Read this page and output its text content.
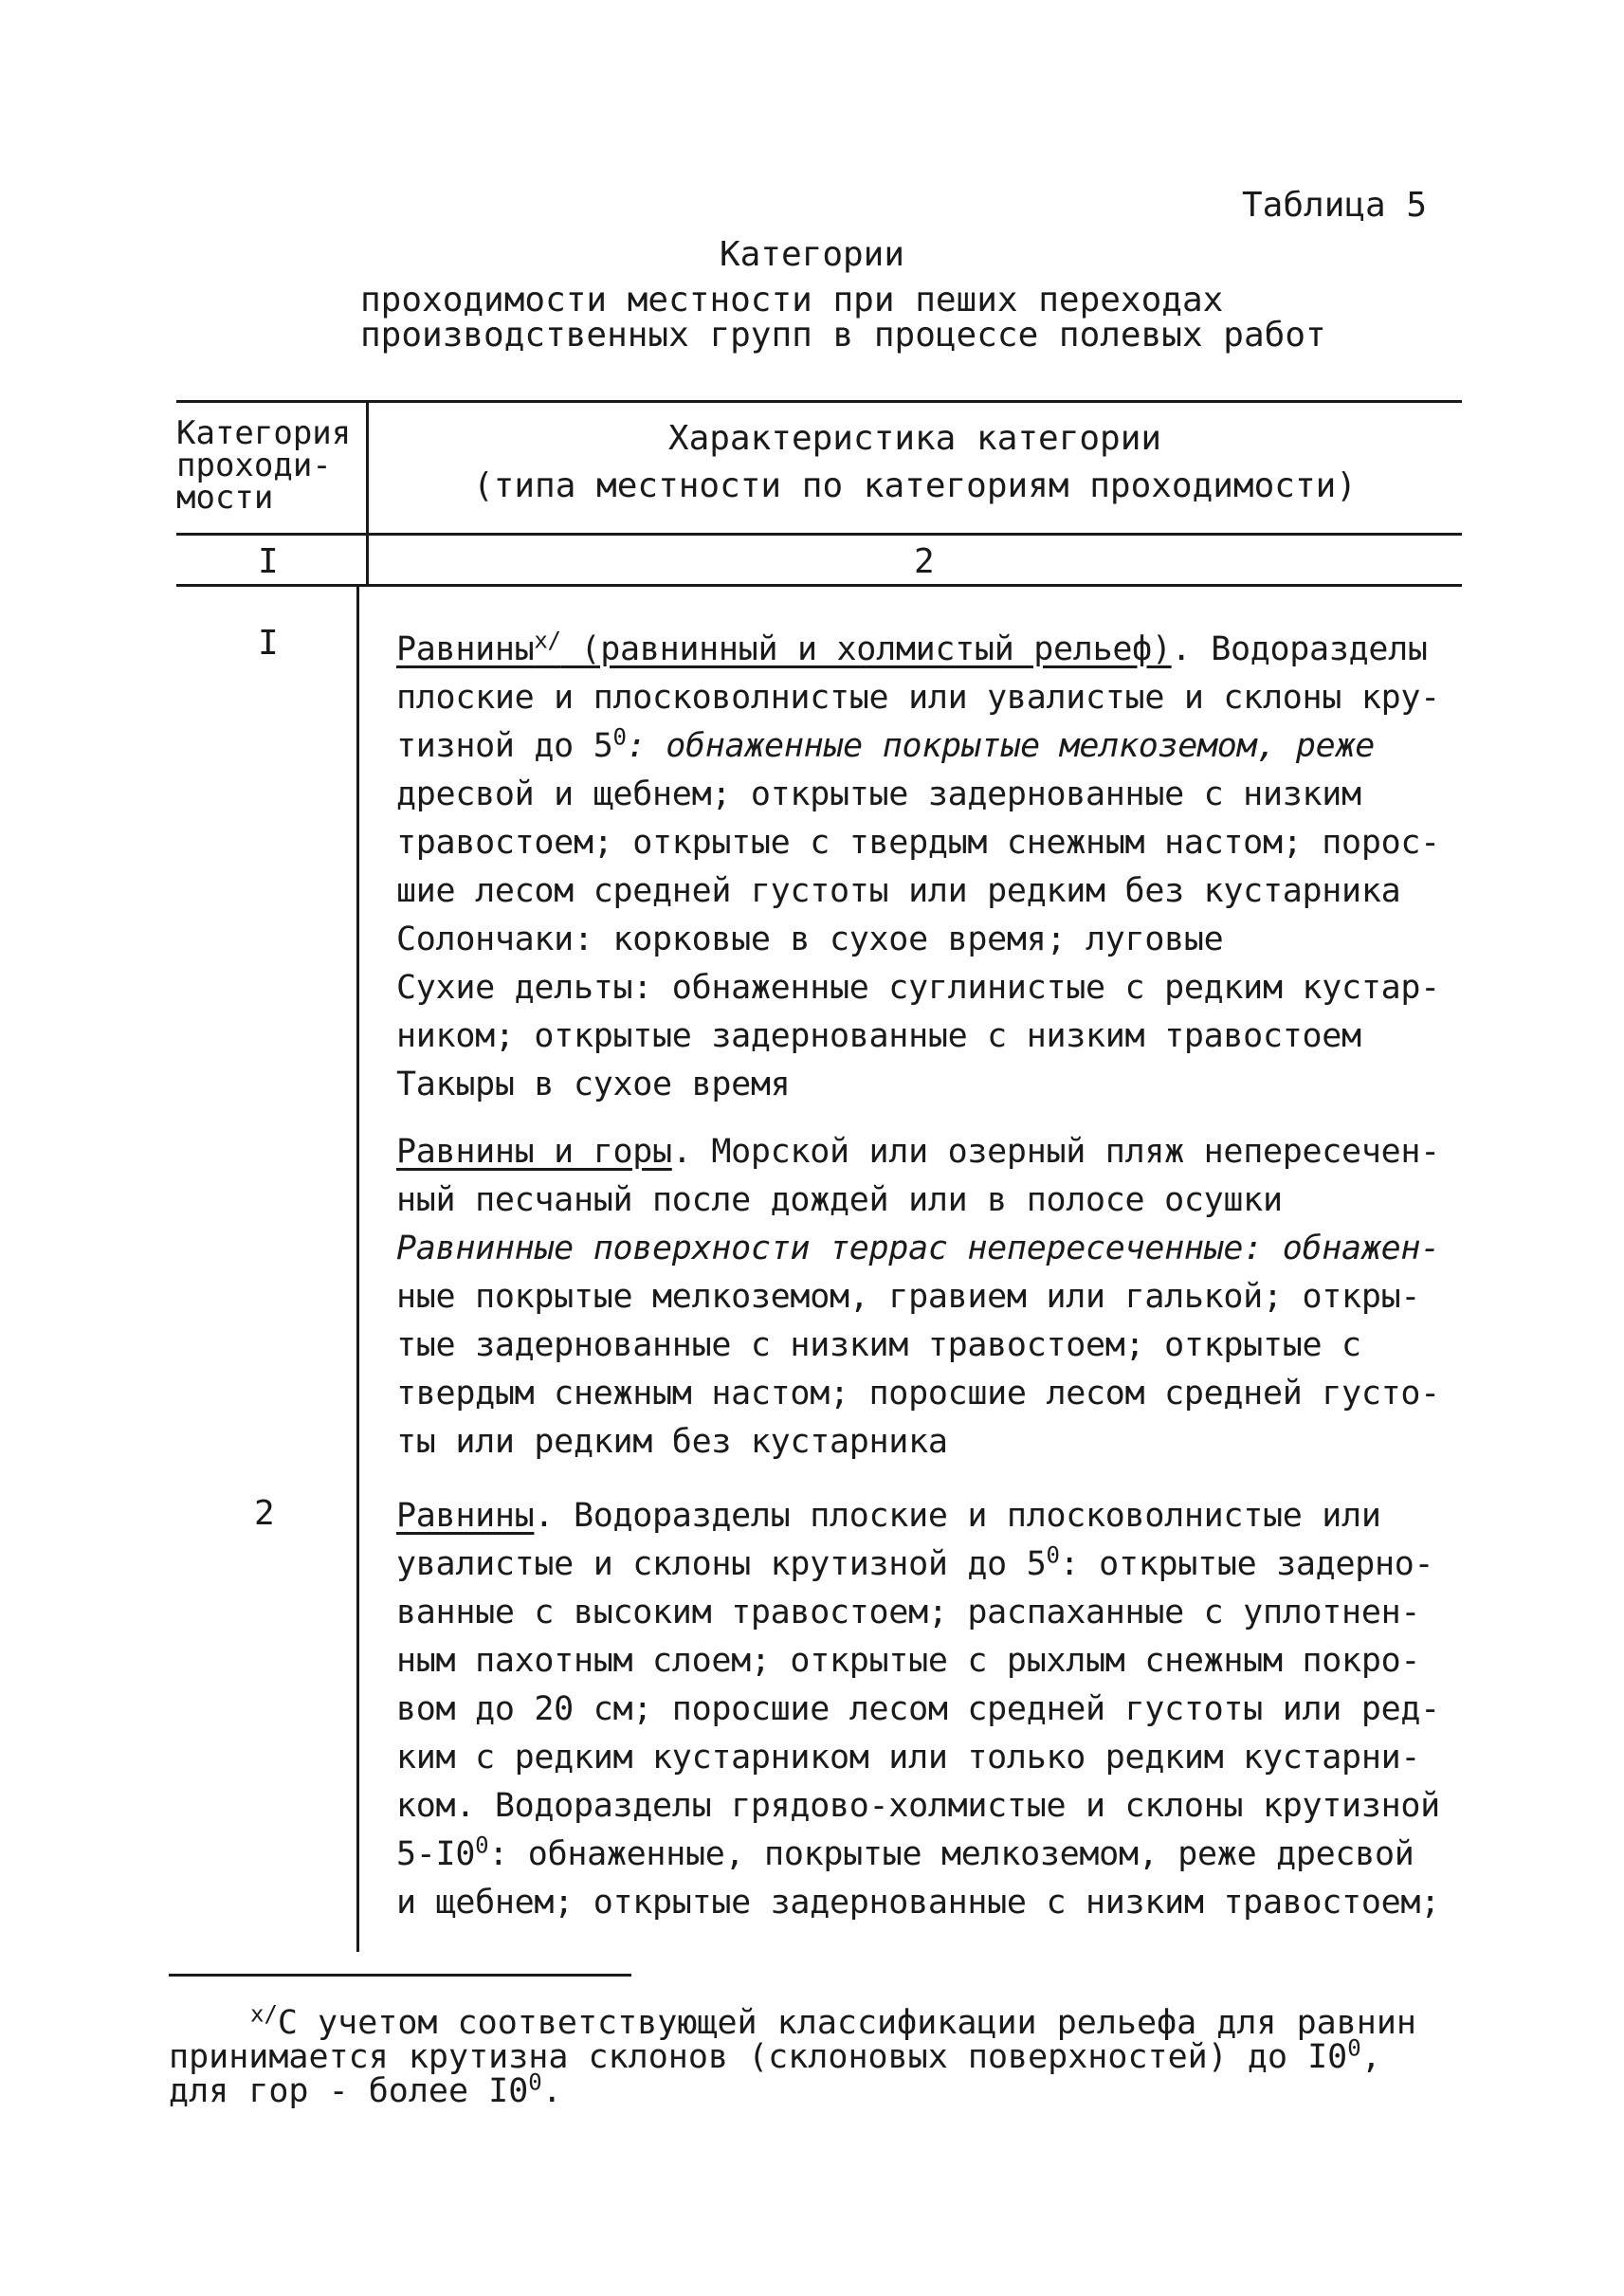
Таблица 5
Категории
проходимости местности при пеших переходах
производственных групп в процессе полевых работ
Категория
проходи-
мости
Характеристика категории
(типа местности по категориям проходимости)
I	2
I
2

Равнины$^{x/}$ (равнинный и холмистый рельеф). Водоразделы

плоские и плосковолнистые или увалистые и склоны кру-

тизной до $5^0$: обнаженные покрытые мелкоземом, реже

дресвой и щебнем; открытые задернованные с низким

травостоем; открытые с твердым снежным настом; порос-

шие лесом средней густоты или редким без кустарника

Солончаки: корковые в сухое время; луговые

Сухие дельты: обнаженные суглинистые с редким кустар-

ником; открытые задернованные с низким травостоем

Такыры в сухое время

Равнины и горы. Морской или озерный пляж непересечен-

ный песчаный после дождей или в полосе осушки

Равнинные поверхности террас непересеченные: обнажен-

ные покрытые мелкоземом, гравием или галькой; откры-

тые задернованные с низким травостоем; открытые с

твердым снежным настом; поросшие лесом средней густо-

ты или редким без кустарника

Равнины. Водоразделы плоские и плосковолнистые или

увалистые и склоны крутизной до $5^0$: открытые задерно-

ванные с высоким травостоем; распаханные с уплотнен-

ным пахотным слоем; открытые с рыхлым снежным покро-

вом до 20 см; поросшие лесом средней густоты или ред-

ким с редким кустарником или только редким кустарни-

ком. Водоразделы грядово-холмистые и склоны крутизной

$5-I0^0$: обнаженные, покрытые мелкоземом, реже дресвой

и щебнем; открытые задернованные с низким травостоем;

$^{x/}$С учетом соответствующей классификации рельефа для равнин

принимается крутизна склонов (склоновых поверхностей) до $I0^0$,

для гор - более $I0^0$.
